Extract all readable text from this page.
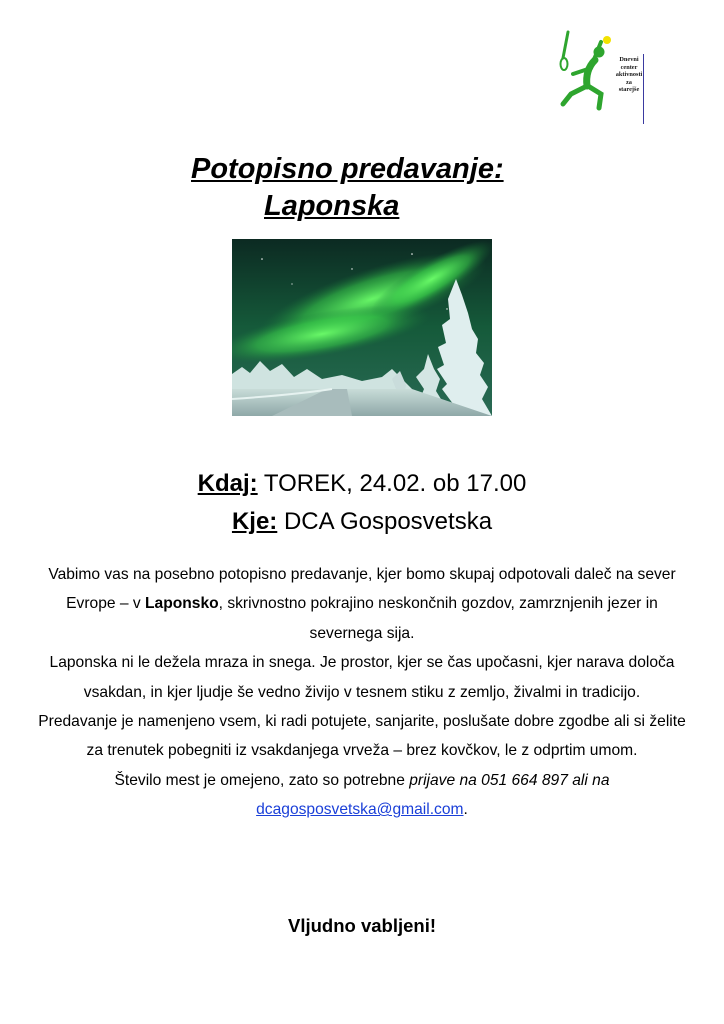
Dnevni
center
aktivnosti
za
starejše
Potopisno predavanje:
Laponska
Kdaj: TOREK, 24.02. ob 17.00
Kje: DCA Gosposvetska

Vabimo vas na posebno potopisno predavanje, kjer bomo skupaj odpotovali daleč na sever Evrope – v Laponsko, skrivnostno pokrajino neskončnih gozdov, zamrznjenih jezer in severnega sija.

Laponska ni le dežela mraza in snega. Je prostor, kjer se čas upočasni, kjer narava določa vsakdan, in kjer ljudje še vedno živijo v tesnem stiku z zemljo, živalmi in tradicijo.

Predavanje je namenjeno vsem, ki radi potujete, sanjarite, poslušate dobre zgodbe ali si želite za trenutek pobegniti iz vsakdanjega vrveža – brez kovčkov, le z odprtim umom.

Število mest je omejeno, zato so potrebne prijave na 051 664 897 ali na
dcagosposvetska@gmail.com.

Vljudno vabljeni!
